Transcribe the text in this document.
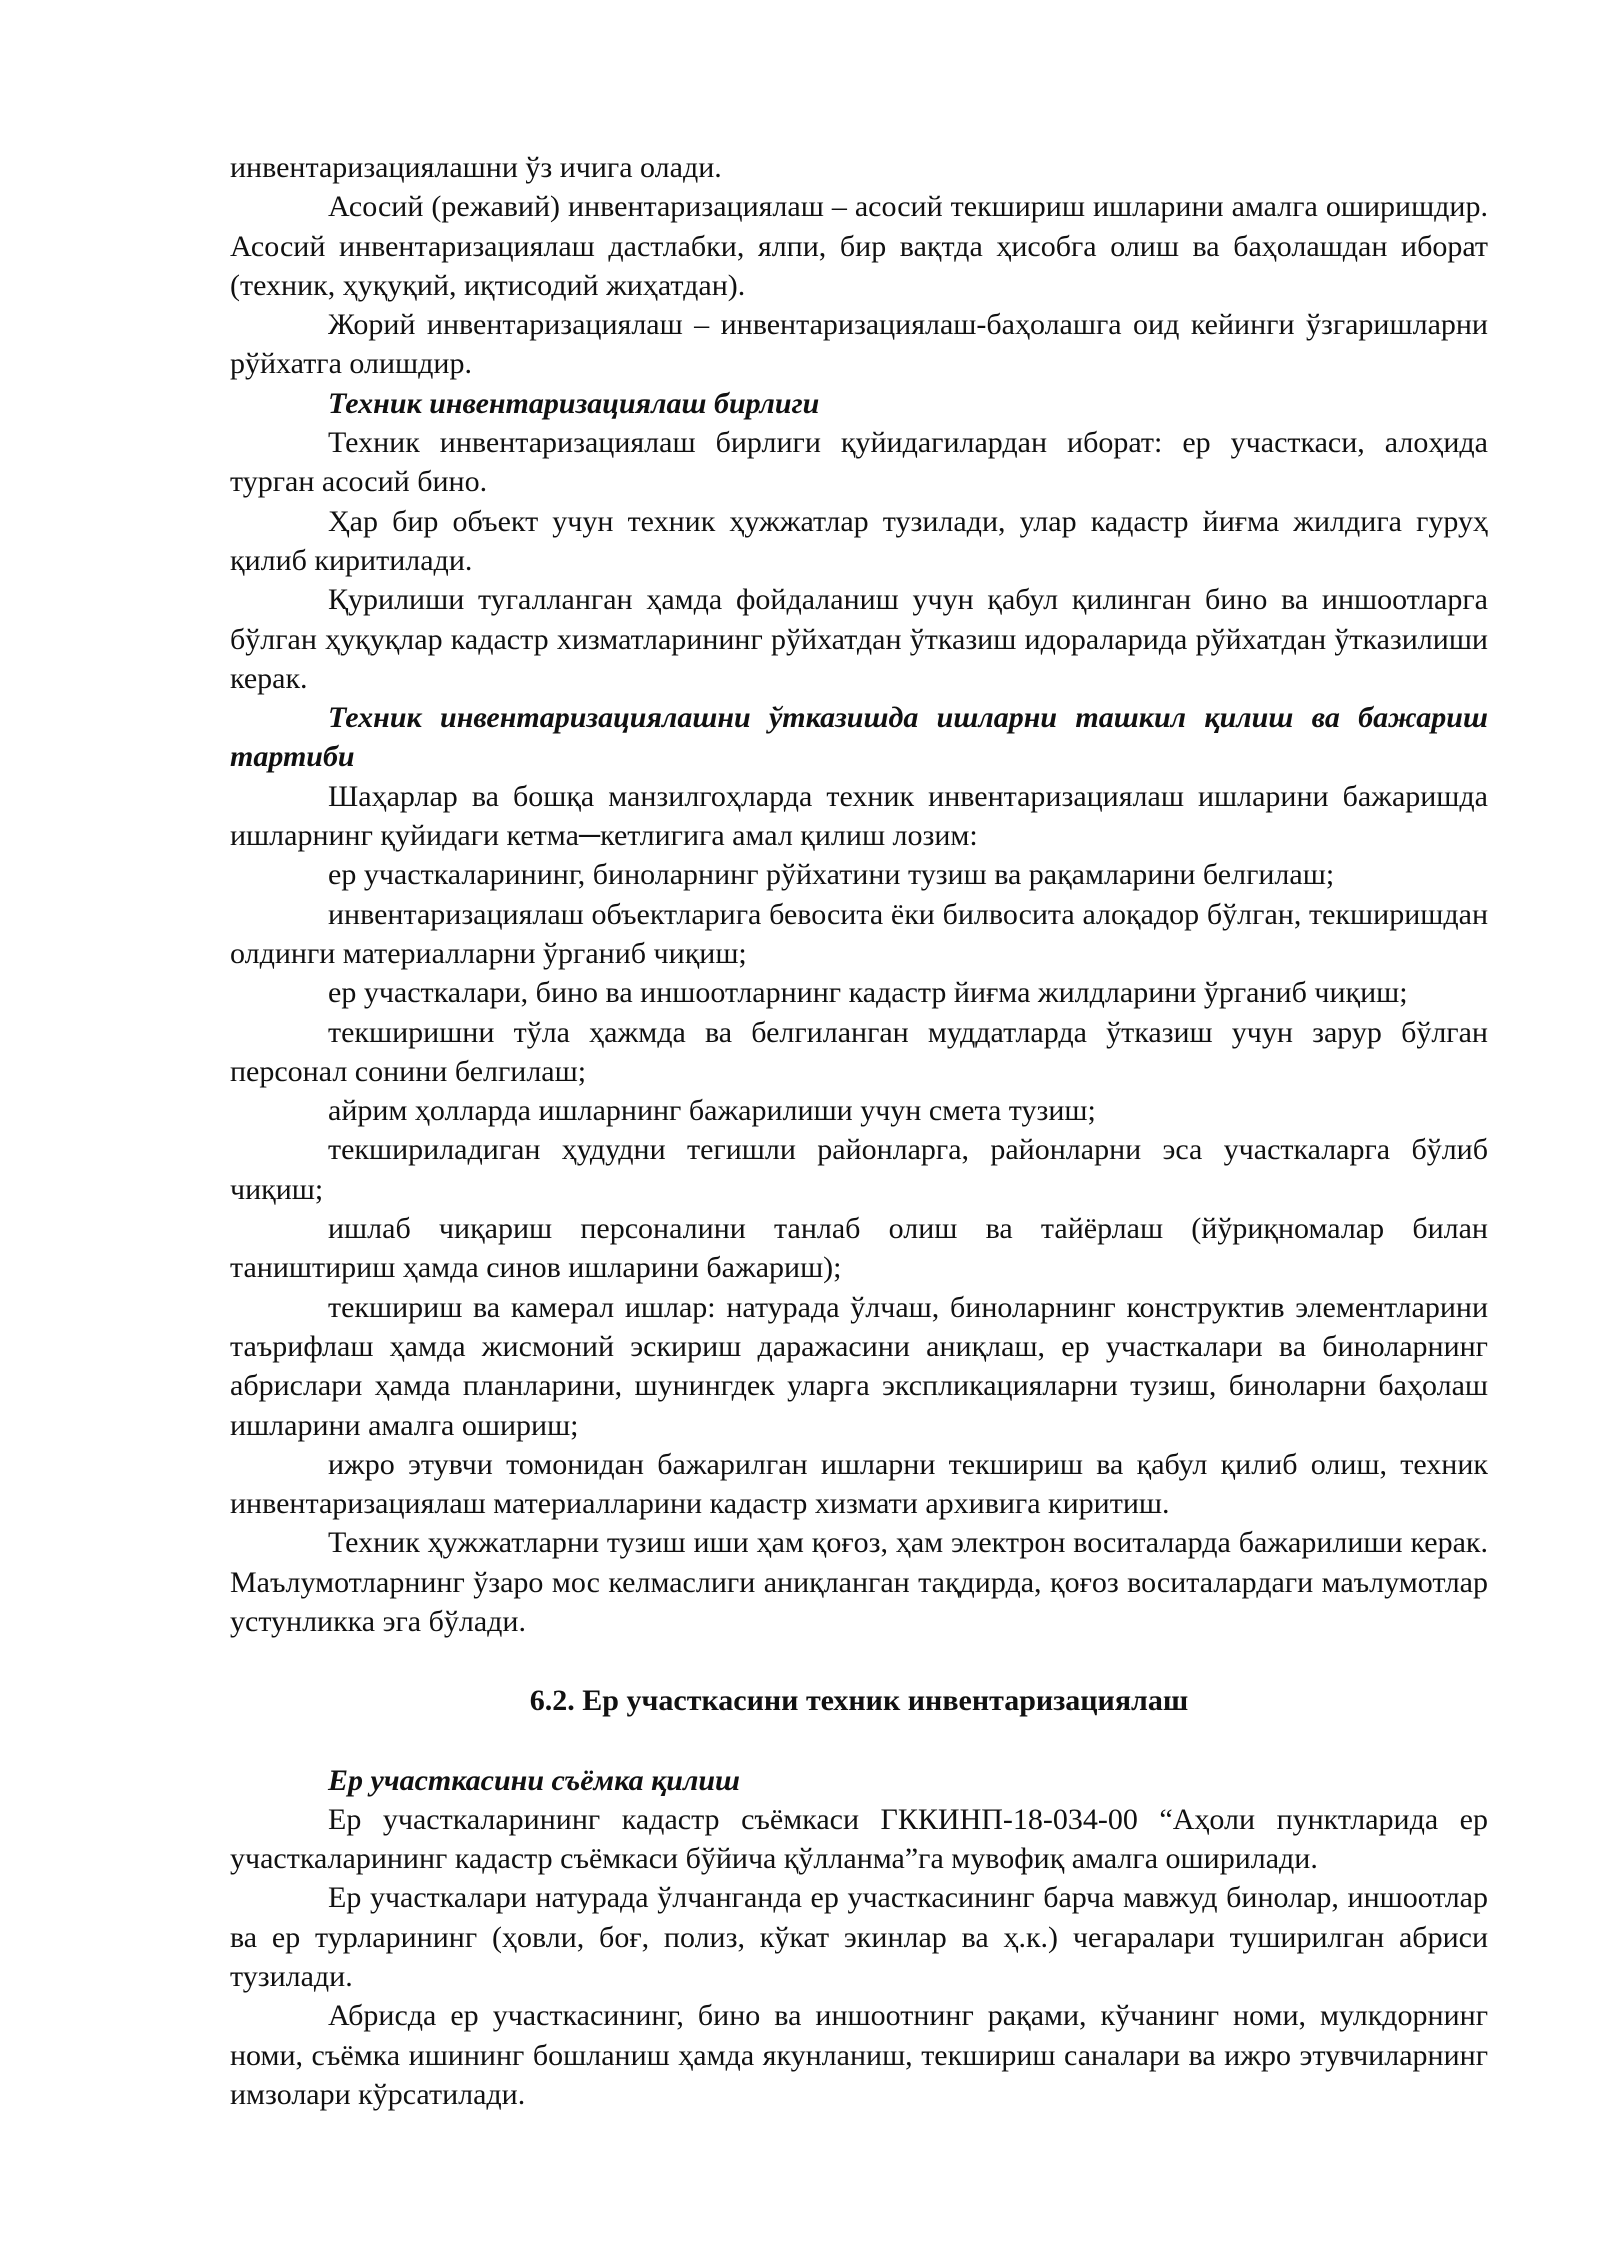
инвентаризациялашни ўз ичига олади.

Асосий (режавий) инвентаризациялаш – асосий текшириш ишларини амалга оширишдир. Асосий инвентаризациялаш дастлабки, ялпи, бир вақтда ҳисобга олиш ва баҳолашдан иборат (техник, ҳуқуқий, иқтисодий жиҳатдан).

Жорий инвентаризациялаш – инвентаризациялаш-баҳолашга оид кейинги ўзгаришларни рўйхатга олишдир.

Техник инвентаризациялаш бирлиги

Техник инвентаризациялаш бирлиги қуйидагилардан иборат: ер участкаси, алоҳида турган асосий бино.

Ҳар бир объект учун техник ҳужжатлар тузилади, улар кадастр йиғма жилдига гуруҳ қилиб киритилади.

Қурилиши тугалланган ҳамда фойдаланиш учун қабул қилинган бино ва иншоотларга бўлган ҳуқуқлар кадастр хизматларининг рўйхатдан ўтказиш идораларида рўйхатдан ўтказилиши керак.

Техник инвентаризациялашни ўтказишда ишларни ташкил қилиш ва бажариш тартиби

Шаҳарлар ва бошқа манзилгоҳларда техник инвентаризациялаш ишларини бажаришда ишларнинг қуйидаги кетма─кетлигига амал қилиш лозим:

ер участкаларининг, биноларнинг рўйхатини тузиш ва рақамларини белгилаш;

инвентаризациялаш объектларига бевосита ёки билвосита алоқадор бўлган, текширишдан олдинги материалларни ўрганиб чиқиш;

ер участкалари, бино ва иншоотларнинг кадастр йиғма жилдларини ўрганиб чиқиш;

текширишни тўла ҳажмда ва белгиланган муддатларда ўтказиш учун зарур бўлган персонал сонини белгилаш;

айрим ҳолларда ишларнинг бажарилиши учун смета тузиш;

текшириладиган ҳудудни тегишли районларга, районларни эса участкаларга бўлиб чиқиш;

ишлаб чиқариш персоналини танлаб олиш ва тайёрлаш (йўриқномалар билан таништириш ҳамда синов ишларини бажариш);

текшириш ва камерал ишлар: натурада ўлчаш, биноларнинг конструктив элементларини таърифлаш ҳамда жисмоний эскириш даражасини аниқлаш, ер участкалари ва биноларнинг абрислари ҳамда планларини, шунингдек уларга экспликацияларни тузиш, биноларни баҳолаш ишларини амалга ошириш;

ижро этувчи томонидан бажарилган ишларни текшириш ва қабул қилиб олиш, техник инвентаризациялаш материалларини кадастр хизмати архивига киритиш.

Техник ҳужжатларни тузиш иши ҳам қоғоз, ҳам электрон воситаларда бажарилиши керак. Маълумотларнинг ўзаро мос келмаслиги аниқланган тақдирда, қоғоз воситалардаги маълумотлар устунликка эга бўлади.

6.2. Ер участкасини техник инвентаризациялаш

Ер участкасини съёмка қилиш

Ер участкаларининг кадастр съёмкаси ГККИНП-18-034-00 “Аҳоли пунктларида ер участкаларининг кадастр съёмкаси бўйича қўлланма”га мувофиқ амалга оширилади.

Ер участкалари натурада ўлчанганда ер участкасининг барча мавжуд бинолар, иншоотлар ва ер турларининг (ҳовли, боғ, полиз, кўкат экинлар ва ҳ.к.) чегаралари туширилган абриси тузилади.

Абрисда ер участкасининг, бино ва иншоотнинг рақами, кўчанинг номи, мулкдорнинг номи, съёмка ишининг бошланиш ҳамда якунланиш, текшириш саналари ва ижро этувчиларнинг имзолари кўрсатилади.
